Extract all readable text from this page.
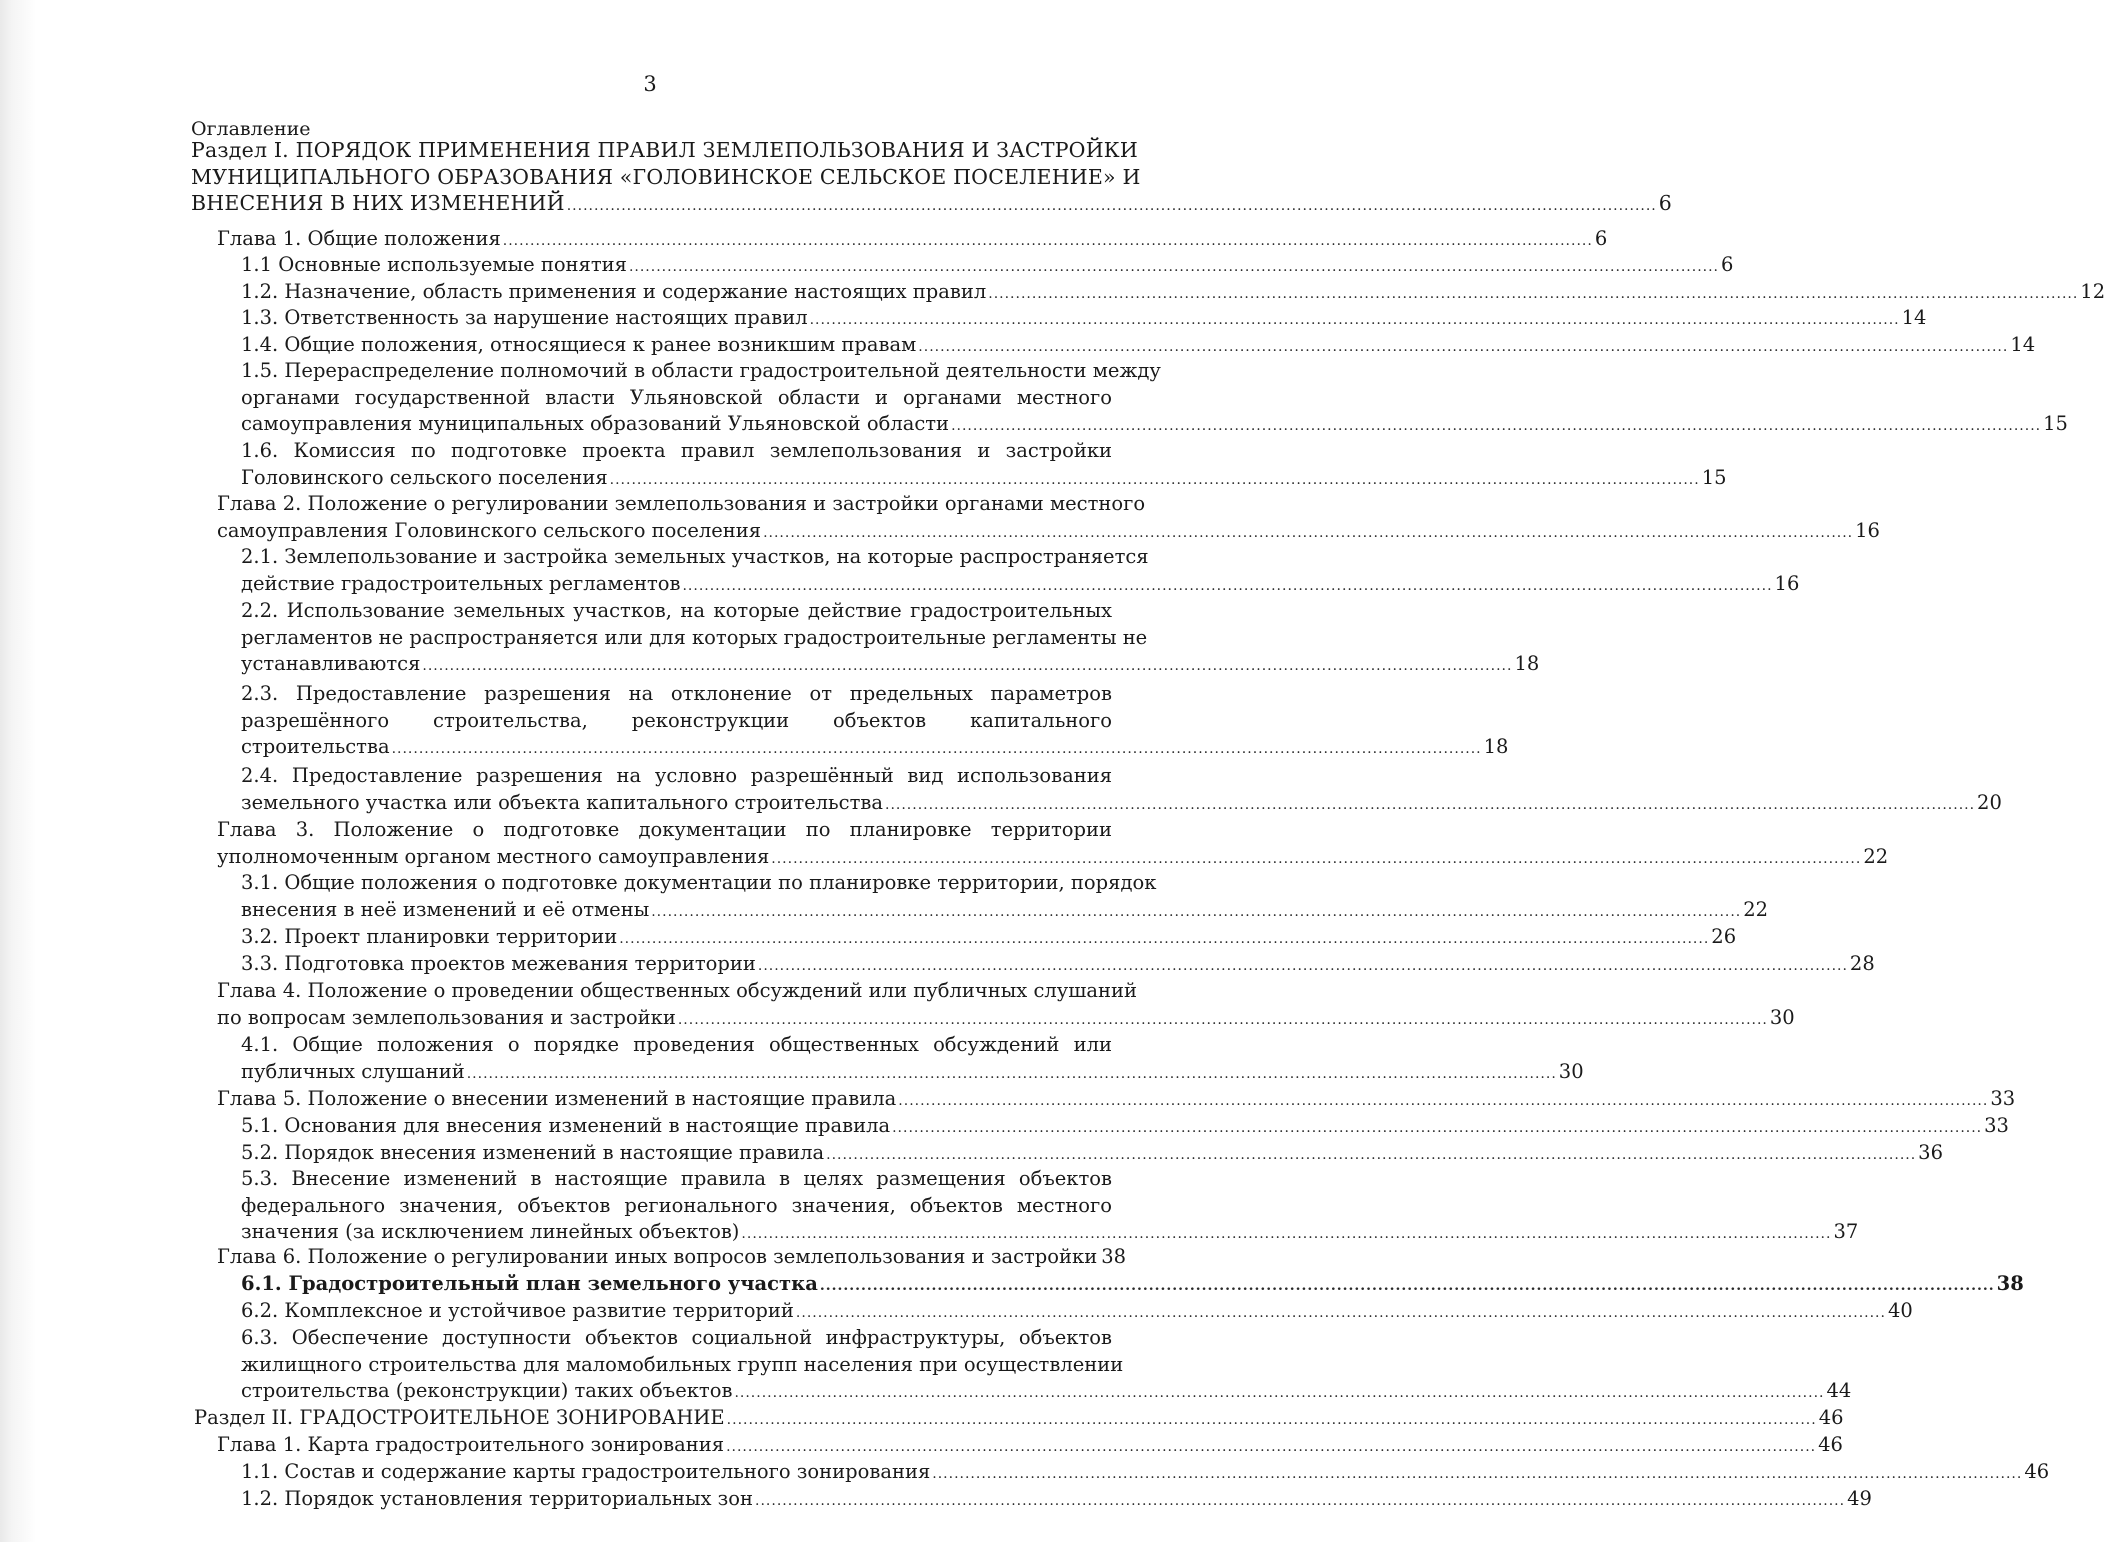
3
Оглавление
Раздел I. ПОРЯДОК ПРИМЕНЕНИЯ ПРАВИЛ ЗЕМЛЕПОЛЬЗОВАНИЯ И ЗАСТРОЙКИ
МУНИЦИПАЛЬНОГО ОБРАЗОВАНИЯ «ГОЛОВИНСКОЕ СЕЛЬСКОЕ ПОСЕЛЕНИЕ» И
ВНЕСЕНИЯ В НИХ ИЗМЕНЕНИЙ .....	6
Глава 1. Общие положения .....	6
1.1 Основные используемые понятия .....	6
1.2. Назначение, область применения и содержание настоящих правил .....	12
1.3. Ответственность за нарушение настоящих правил .....	14
1.4. Общие положения, относящиеся к ранее возникшим правам .....	14
1.5. Перераспределение полномочий в области градостроительной деятельности между
органами государственной власти Ульяновской области и органами местного
самоуправления муниципальных образований Ульяновской области .....	15
1.6. Комиссия по подготовке проекта правил землепользования и застройки
Головинского сельского поселения .....	15
Глава 2. Положение о регулировании землепользования и застройки органами местного
самоуправления Головинского сельского поселения .....	16
2.1. Землепользование и застройка земельных участков, на которые распространяется
действие градостроительных регламентов .....	16
2.2. Использование земельных участков, на которые действие градостроительных
регламентов не распространяется или для которых градостроительные регламенты не
устанавливаются .....	18
2.3. Предоставление разрешения на отклонение от предельных параметров
разрешённого строительства, реконструкции объектов капитального
строительства .....	18
2.4. Предоставление разрешения на условно разрешённый вид использования
земельного участка или объекта капитального строительства .....	20
Глава 3. Положение о подготовке документации по планировке территории
уполномоченным органом местного самоуправления .....	22
3.1. Общие положения о подготовке документации по планировке территории, порядок
внесения в неё изменений и её отмены .....	22
3.2. Проект планировки территории .....	26
3.3. Подготовка проектов межевания территории .....	28
Глава 4. Положение о проведении общественных обсуждений или публичных слушаний
по вопросам землепользования и застройки .....	30
4.1. Общие положения о порядке проведения общественных обсуждений или
публичных слушаний .....	30
Глава 5. Положение о внесении изменений в настоящие правила .....	33
5.1. Основания для внесения изменений в настоящие правила .....	33
5.2. Порядок внесения изменений в настоящие правила .....	36
5.3. Внесение изменений в настоящие правила в целях размещения объектов
федерального значения, объектов регионального значения, объектов местного
значения (за исключением линейных объектов) .....	37
Глава 6. Положение о регулировании иных вопросов землепользования и застройки 38
6.1. Градостроительный план земельного участка .....	38
6.2. Комплексное и устойчивое развитие территорий .....	40
6.3. Обеспечение доступности объектов социальной инфраструктуры, объектов
жилищного строительства для маломобильных групп населения при осуществлении
строительства (реконструкции) таких объектов .....	44
Раздел II. ГРАДОСТРОИТЕЛЬНОЕ ЗОНИРОВАНИЕ .....	46
Глава 1. Карта градостроительного зонирования .....	46
1.1. Состав и содержание карты градостроительного зонирования .....	46
1.2. Порядок установления территориальных зон .....	49
